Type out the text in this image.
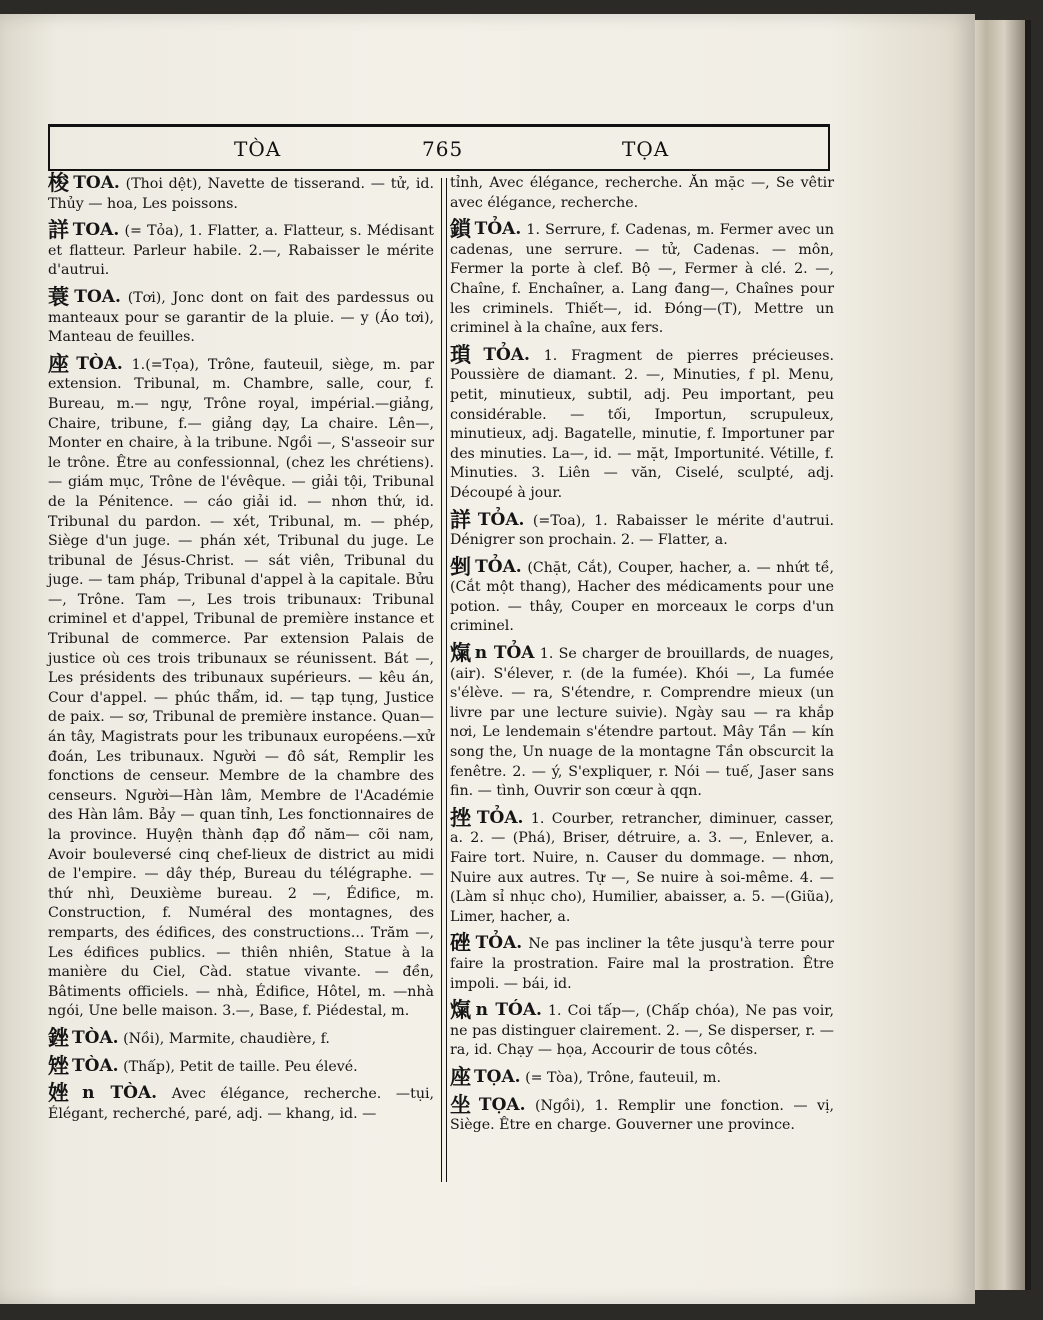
TÒA	765	TỌA

梭 TOA. (Thoi dệt), Navette de tisserand. — tử, id. Thủy — hoa, Les poissons.

詳 TOA. (= Tỏa), 1. Flatter, a. Flatteur, s. Médisant et flatteur. Parleur habile. 2.—, Rabaisser le mérite d'autrui.

蓑 TOA. (Tơi), Jonc dont on fait des pardessus ou manteaux pour se garantir de la pluie. — y (Áo tơi), Manteau de feuilles.

座 TÒA. 1.(=Tọa), Trône, fauteuil, siège, m. par extension. Tribunal, m. Chambre, salle, cour, f. Bureau, m.— ngự, Trône royal, impérial.—giảng, Chaire, tribune, f.— giảng dạy, La chaire. Lên—, Monter en chaire, à la tribune. Ngồi —, S'asseoir sur le trône. Être au confessionnal, (chez les chrétiens). — giám mục, Trône de l'évêque. — giải tội, Tribunal de la Pénitence. — cáo giải id. — nhơn thứ, id. Tribunal du pardon. — xét, Tribunal, m. — phép, Siège d'un juge. — phán xét, Tribunal du juge. Le tribunal de Jésus-Christ. — sát viên, Tribunal du juge. — tam pháp, Tribunal d'appel à la capitale. Bửu —, Trône. Tam —, Les trois tribunaux: Tribunal criminel et d'appel, Tribunal de première instance et Tribunal de commerce. Par extension Palais de justice où ces trois tribunaux se réunissent. Bát —, Les présidents des tribunaux supérieurs. — kêu án, Cour d'appel. — phúc thẩm, id. — tạp tụng, Justice de paix. — sơ, Tribunal de première instance. Quan—án tây, Magistrats pour les tribunaux européens.—xử đoán, Les tribunaux. Người — đô sát, Remplir les fonctions de censeur. Membre de la chambre des censeurs. Người—Hàn lâm, Membre de l'Académie des Hàn lâm. Bảy — quan tỉnh, Les fonctionnaires de la province. Huyện thành đạp đổ năm— cõi nam, Avoir bouleversé cinq chef-lieux de district au midi de l'empire. — dây thép, Bureau du télégraphe. — thứ nhì, Deuxième bureau. 2 —, Édifice, m. Construction, f. Numéral des montagnes, des remparts, des édifices, des constructions... Trăm —, Les édifices publics. — thiên nhiên, Statue à la manière du Ciel, Càd. statue vivante. — đền, Bâtiments officiels. — nhà, Édifice, Hôtel, m. —nhà ngói, Une belle maison. 3.—, Base, f. Piédestal, m.

銼 TÒA. (Nồi), Marmite, chaudière, f.

矬 TÒA. (Thấp), Petit de taille. Peu élevé.

㛗 n TÒA. Avec élégance, recherche. —tụi, Élégant, recherché, paré, adj. — khang, id. —

tỉnh, Avec élégance, recherche. Ăn mặc —, Se vêtir avec élégance, recherche.

鎖 TỎA. 1. Serrure, f. Cadenas, m. Fermer avec un cadenas, une serrure. — tử, Cadenas. — môn, Fermer la porte à clef. Bộ —, Fermer à clé. 2. —, Chaîne, f. Enchaîner, a. Lang đang—, Chaînes pour les criminels. Thiết—, id. Đóng—(T), Mettre un criminel à la chaîne, aux fers.

瑣 TỎA. 1. Fragment de pierres précieuses. Poussière de diamant. 2. —, Minuties, f pl. Menu, petit, minutieux, subtil, adj. Peu important, peu considérable. — tối, Importun, scrupuleux, minutieux, adj. Bagatelle, minutie, f. Importuner par des minuties. La—, id. — mặt, Importunité. Vétille, f. Minuties. 3. Liên — văn, Ciselé, sculpté, adj. Découpé à jour.

詳 TỎA. (=Toa), 1. Rabaisser le mérite d'autrui. Dénigrer son prochain. 2. — Flatter, a.

剉 TỎA. (Chặt, Cắt), Couper, hacher, a. — nhứt tề, (Cắt một thang), Hacher des médicaments pour une potion. — thây, Couper en morceaux le corps d'un criminel.

熂 n TỎA 1. Se charger de brouillards, de nuages, (air). S'élever, r. (de la fumée). Khói —, La fumée s'élève. — ra, S'étendre, r. Comprendre mieux (un livre par une lecture suivie). Ngày sau — ra khắp nơi, Le lendemain s'étendre partout. Mây Tần — kín song the, Un nuage de la montagne Tần obscurcit la fenêtre. 2. — ý, S'expliquer, r. Nói — tuế, Jaser sans fin. — tình, Ouvrir son cœur à qqn.

挫 TỎA. 1. Courber, retrancher, diminuer, casser, a. 2. — (Phá), Briser, détruire, a. 3. —, Enlever, a. Faire tort. Nuire, n. Causer du dommage. — nhơn, Nuire aux autres. Tự —, Se nuire à soi-même. 4. —(Làm sỉ nhục cho), Humilier, abaisser, a. 5. —(Giũa), Limer, hacher, a.

䂳 TỎA. Ne pas incliner la tête jusqu'à terre pour faire la prostration. Faire mal la prostration. Être impoli. — bái, id.

熂 n TÓA. 1. Coi tấp—, (Chấp chóa), Ne pas voir, ne pas distinguer clairement. 2. —, Se disperser, r. — ra, id. Chạy — họa, Accourir de tous côtés.

座 TỌA. (= Tòa), Trône, fauteuil, m.

坐 TỌA. (Ngồi), 1. Remplir une fonction. — vị, Siège. Être en charge. Gouverner une province.
